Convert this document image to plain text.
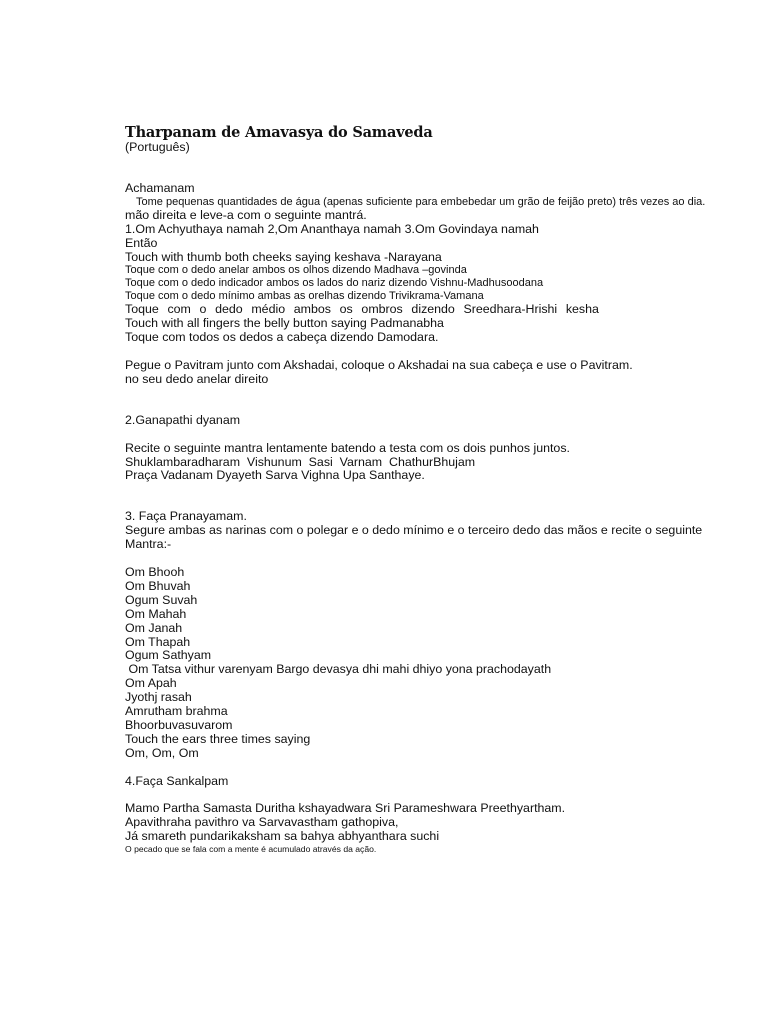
Tharpanam de Amavasya do Samaveda
(Português)
Achamanam
Tome pequenas quantidades de água (apenas suficiente para embebedar um grão de feijão preto) três vezes ao dia.
mão direita e leve-a com o seguinte mantrá.
1.Om Achyuthaya namah 2,Om Ananthaya namah 3.Om Govindaya namah
Então
Touch with thumb both cheeks saying keshava -Narayana
Toque com o dedo anelar ambos os olhos dizendo Madhava –govinda
Toque com o dedo indicador ambos os lados do nariz dizendo Vishnu-Madhusoodana
Toque com o dedo mínimo ambas as orelhas dizendo Trivikrama-Vamana
Toque com o dedo médio ambos os ombros dizendo Sreedhara-Hrishi kesha
Touch with all fingers the belly button saying Padmanabha
Toque com todos os dedos a cabeça dizendo Damodara.
Pegue o Pavitram junto com Akshadai, coloque o Akshadai na sua cabeça e use o Pavitram.
no seu dedo anelar direito
2.Ganapathi dyanam
Recite o seguinte mantra lentamente batendo a testa com os dois punhos juntos.
Shuklambaradharam  Vishunum  Sasi  Varnam  ChathurBhujam
Praça Vadanam Dyayeth Sarva Vighna Upa Santhaye.
3. Faça Pranayamam.
Segure ambas as narinas com o polegar e o dedo mínimo e o terceiro dedo das mãos e recite o seguinte
Mantra:-
Om Bhooh
Om Bhuvah
Ogum Suvah
Om Mahah
Om Janah
Om Thapah
Ogum Sathyam
Om Tatsa vithur varenyam Bargo devasya dhi mahi dhiyo yona prachodayath
Om Apah
Jyothj rasah
Amrutham brahma
Bhoorbuvasuvarom
Touch the ears three times saying
Om, Om, Om
4.Faça Sankalpam
Mamo Partha Samasta Duritha kshayadwara Sri Parameshwara Preethyartham.
Apavithraha pavithro va Sarvavastham gathopiva,
Já smareth pundarikaksham sa bahya abhyanthara suchi
O pecado que se fala com a mente é acumulado através da ação.
